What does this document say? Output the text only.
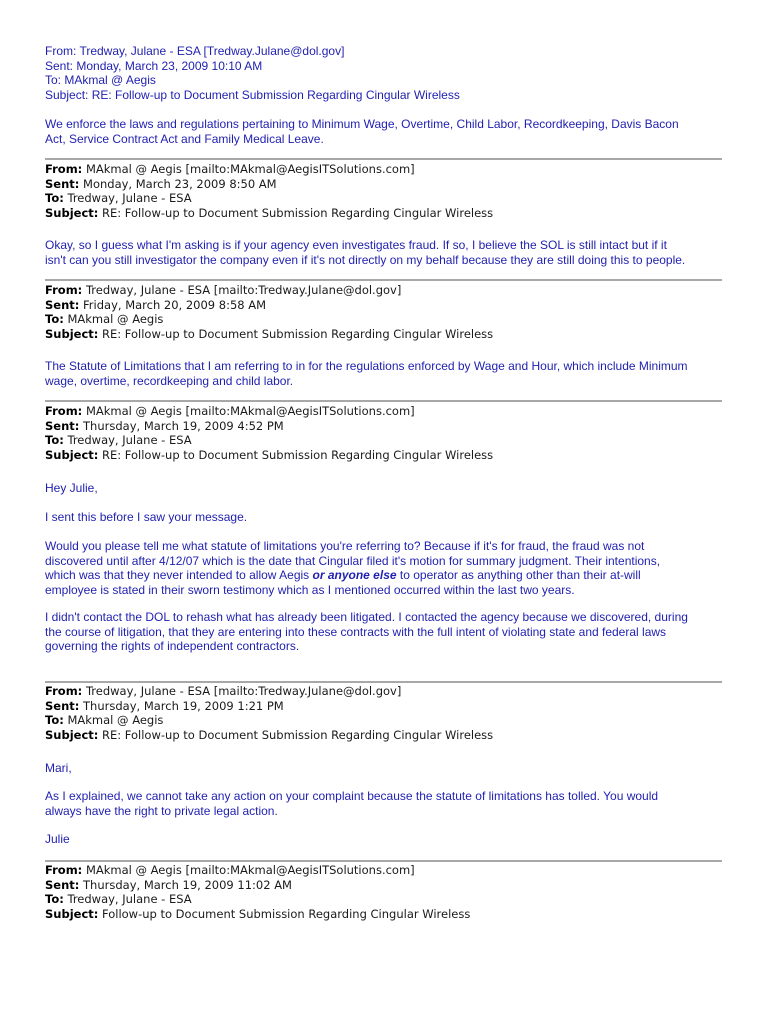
From: Tredway, Julane - ESA [Tredway.Julane@dol.gov]
Sent: Monday, March 23, 2009 10:10 AM
To: MAkmal @ Aegis
Subject: RE: Follow-up to Document Submission Regarding Cingular Wireless

We enforce the laws and regulations pertaining to Minimum Wage, Overtime, Child Labor, Recordkeeping, Davis Bacon

Act, Service Contract Act and Family Medical Leave.

From: MAkmal @ Aegis [mailto:MAkmal@AegisITSolutions.com]
Sent: Monday, March 23, 2009 8:50 AM
To: Tredway, Julane - ESA
Subject: RE: Follow-up to Document Submission Regarding Cingular Wireless

Okay, so I guess what I'm asking is if your agency even investigates fraud. If so, I believe the SOL is still intact but if it

isn't can you still investigator the company even if it's not directly on my behalf because they are still doing this to people.

From: Tredway, Julane - ESA [mailto:Tredway.Julane@dol.gov]
Sent: Friday, March 20, 2009 8:58 AM
To: MAkmal @ Aegis
Subject: RE: Follow-up to Document Submission Regarding Cingular Wireless

The Statute of Limitations that I am referring to in for the regulations enforced by Wage and Hour, which include Minimum

wage, overtime, recordkeeping and child labor.

From: MAkmal @ Aegis [mailto:MAkmal@AegisITSolutions.com]
Sent: Thursday, March 19, 2009 4:52 PM
To: Tredway, Julane - ESA
Subject: RE: Follow-up to Document Submission Regarding Cingular Wireless

Hey Julie,

I sent this before I saw your message.

Would you please tell me what statute of limitations you're referring to? Because if it's for fraud, the fraud was not

discovered until after 4/12/07 which is the date that Cingular filed it's motion for summary judgment. Their intentions,

which was that they never intended to allow Aegis or anyone else to operator as anything other than their at-will

employee is stated in their sworn testimony which as I mentioned occurred within the last two years.

I didn't contact the DOL to rehash what has already been litigated. I contacted the agency because we discovered, during

the course of litigation, that they are entering into these contracts with the full intent of violating state and federal laws

governing the rights of independent contractors.

From: Tredway, Julane - ESA [mailto:Tredway.Julane@dol.gov]
Sent: Thursday, March 19, 2009 1:21 PM
To: MAkmal @ Aegis
Subject: RE: Follow-up to Document Submission Regarding Cingular Wireless

Mari,

As I explained, we cannot take any action on your complaint because the statute of limitations has tolled. You would

always have the right to private legal action.

Julie

From: MAkmal @ Aegis [mailto:MAkmal@AegisITSolutions.com]
Sent: Thursday, March 19, 2009 11:02 AM
To: Tredway, Julane - ESA
Subject: Follow-up to Document Submission Regarding Cingular Wireless
